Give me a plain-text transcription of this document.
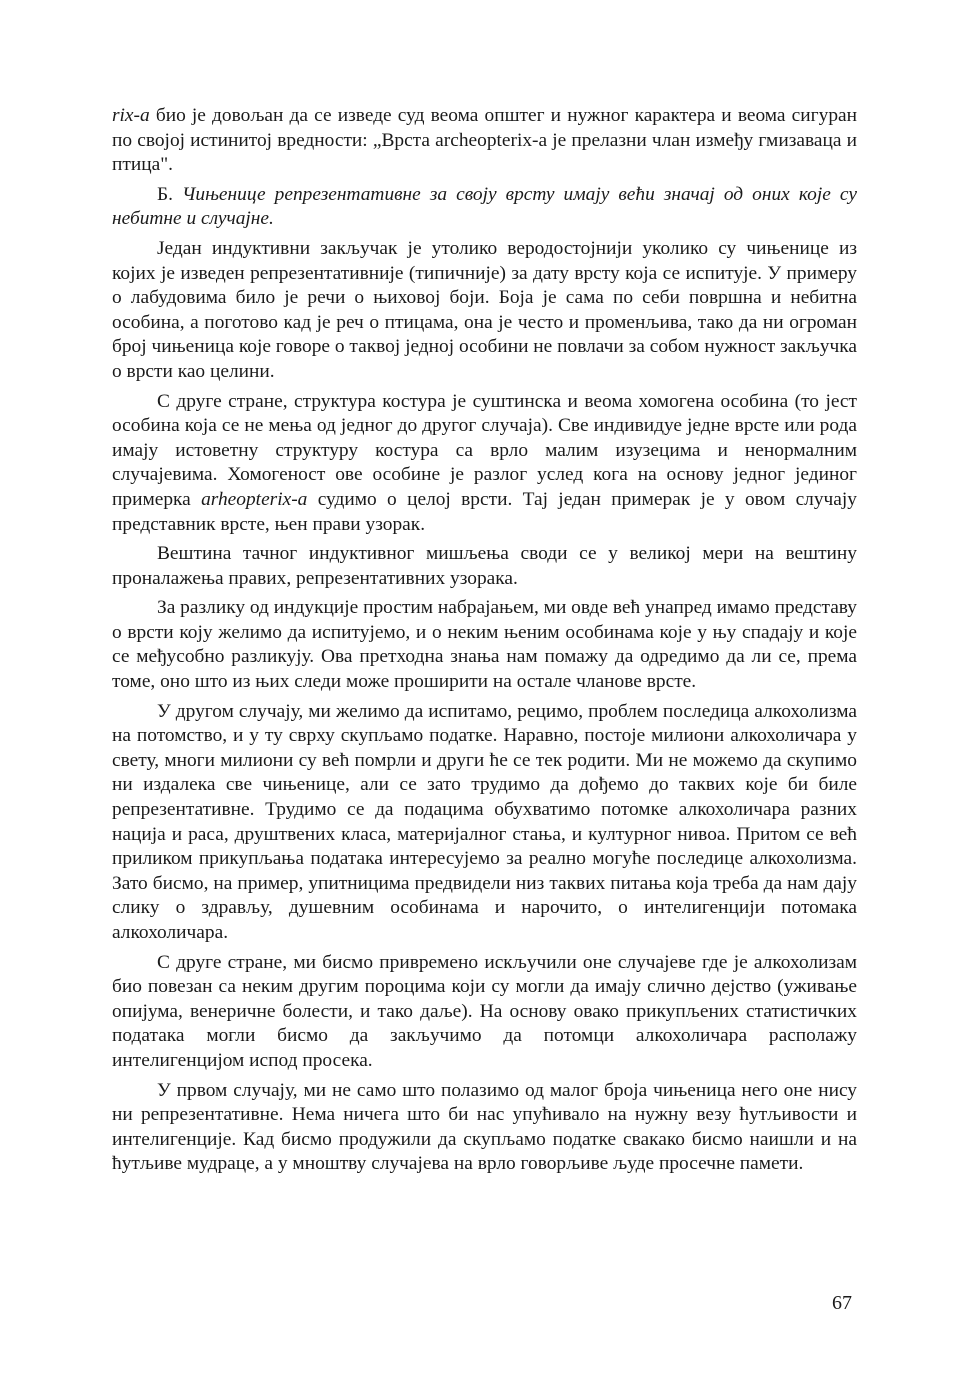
rix-a био је довољан да се изведе суд веома општег и нужног карактера и веома сигуран по својој истинитој вредности: „Врста archeopterix-a је прелазни члан између гмизаваца и птица".

Б. Чињенице репрезентативне за своју врсту имају већи значај од оних које су небитне и случајне.

Један индуктивни закључак је утолико веродостојнији уколико су чињенице из којих је изведен репрезентативније (типичније) за дату врсту која се испитује. У примеру о лабудовима било је речи о њиховој боји. Боја је сама по себи површна и небитна особина, а поготово кад је реч о птицама, она је често и променљива, тако да ни огроман број чињеница које говоре о таквој једној особини не повлачи за собом нужност закључка о врсти као целини.

С друге стране, структура костура је суштинска и веома хомогена особина (то јест особина која се не мења од једног до другог случаја). Све индивидуе једне врсте или рода имају истоветну структуру костура са врло малим изузецима и ненормалним случајевима. Хомогеност ове особине је разлог услед кога на основу једног јединог примерка arheopterix-a судимо о целој врсти. Тај један примерак је у овом случају представник врсте, њен прави узорак.

Вештина тачног индуктивног мишљења своди се у великој мери на вештину проналажења правих, репрезентативних узорака.

За разлику од индукције простим набрајањем, ми овде већ унапред имамо представу о врсти коју желимо да испитујемо, и о неким њеним особинама које у њу спадају и које се међусобно разликују. Ова претходна знања нам помажу да одредимо да ли се, према томе, оно што из њих следи може проширити на остале чланове врсте.

У другом случају, ми желимо да испитамо, рецимо, проблем последица алкохолизма на потомство, и у ту сврху скупљамо податке. Наравно, постоје милиони алкохоличара у свету, многи милиони су већ помрли и други ће се тек родити. Ми не можемо да скупимо ни издалека све чињенице, али се зато трудимо да дођемо до таквих које би биле репрезентативне. Трудимо се да подацима обухватимо потомке алкохоличара разних нација и раса, друштвених класа, материјалног стања, и културног нивоа. Притом се већ приликом прикупљања података интересујемо за реално могуће последице алкохолизма. Зато бисмо, на пример, упитницима предвидели низ таквих питања која треба да нам дају слику о здрављу, душевним особинама и нарочито, о интелигенцији потомака алкохоличара.

С друге стране, ми бисмо привремено искључили оне случајеве где је алкохолизам био повезан са неким другим пороцима који су могли да имају слично дејство (уживање опијума, венеричне болести, и тако даље). На основу овако прикупљених статистичких података могли бисмо да закључимо да потомци алкохоличара располажу интелигенцијом испод просека.

У првом случају, ми не само што полазимо од малог броја чињеница него оне нису ни репрезентативне. Нема ничега што би нас упућивало на нужну везу ћутљивости и интелигенције. Кад бисмо продужили да скупљамо податке свакако бисмо наишли и на ћутљиве мудраце, а у мноштву случајева на врло говорљиве људе просечне памети.

67
